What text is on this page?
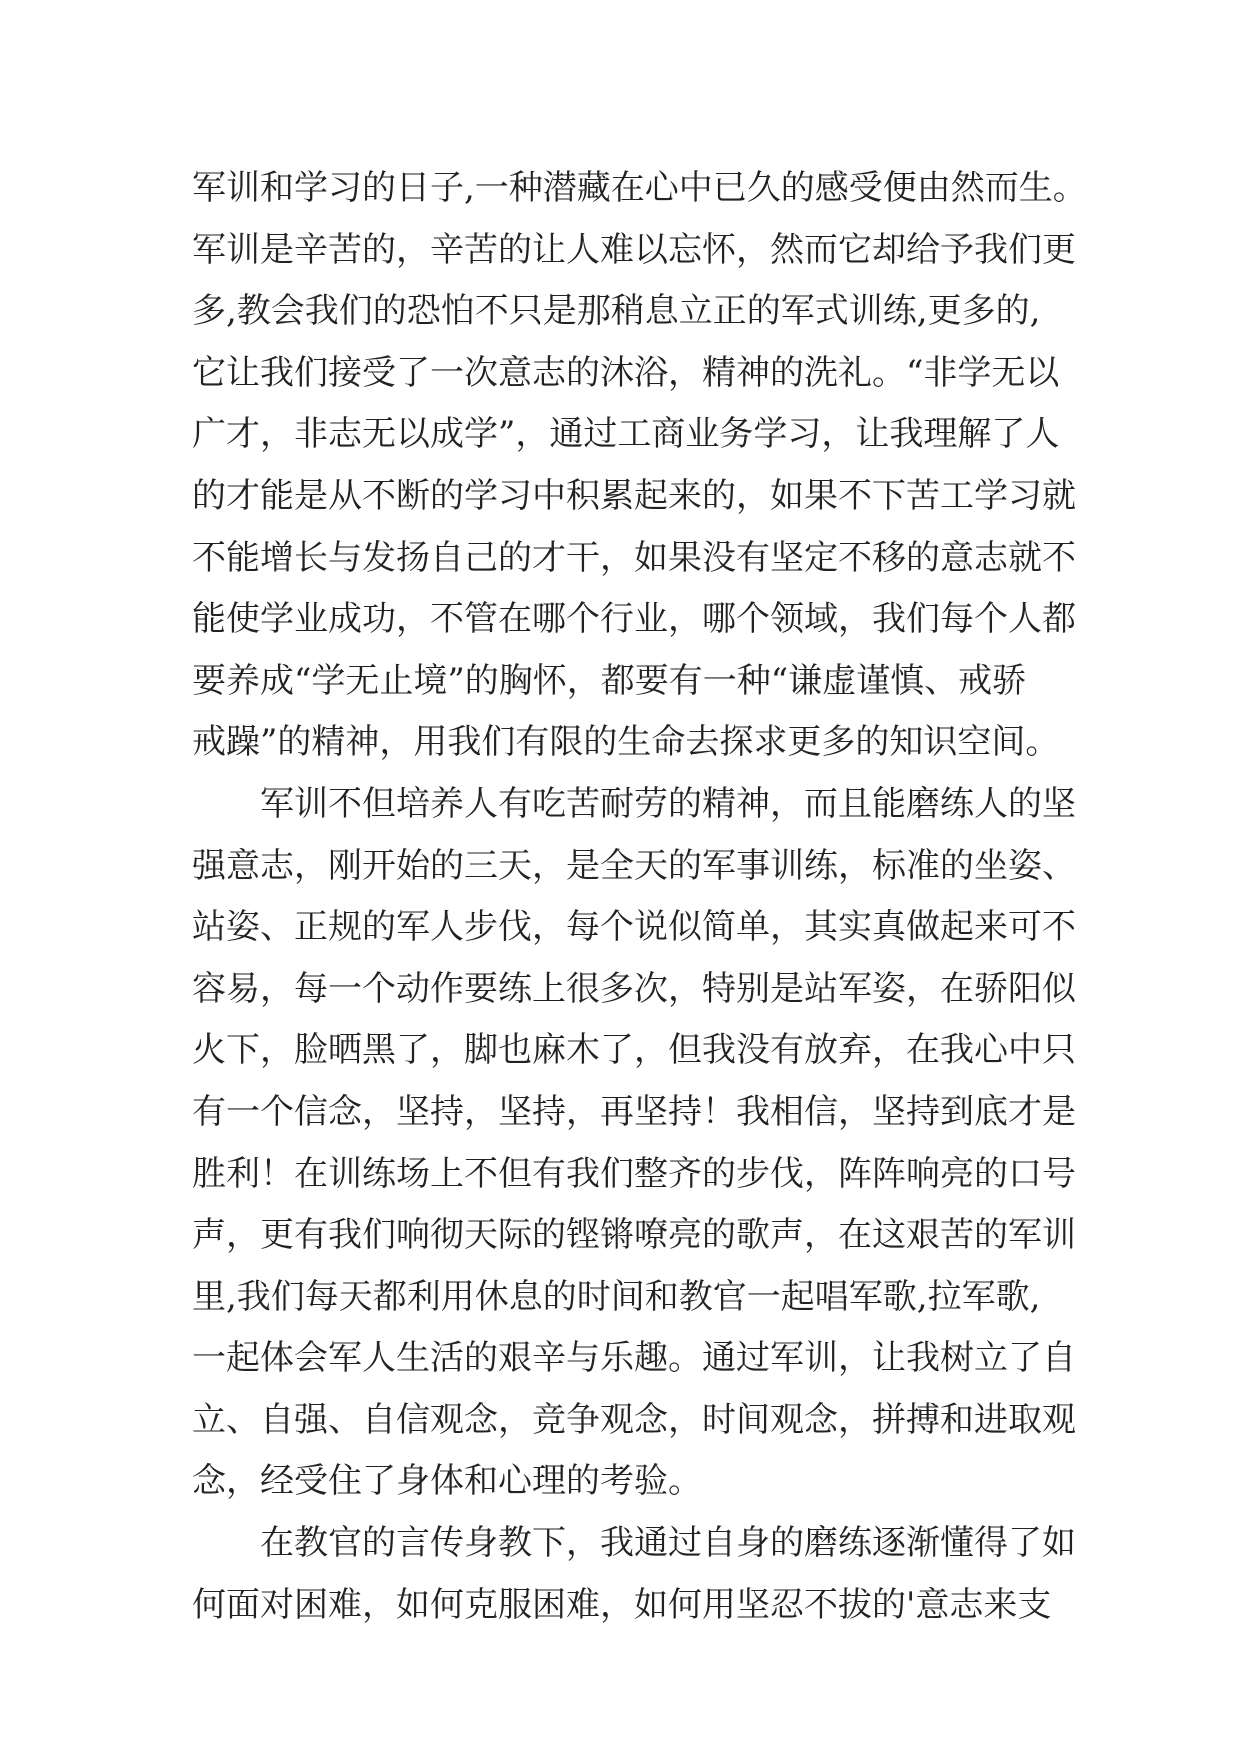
军训和学习的日子,一种潜藏在心中已久的感受便由然而生。
军训是辛苦的，辛苦的让人难以忘怀，然而它却给予我们更
多,教会我们的恐怕不只是那稍息立正的军式训练,更多的,
它让我们接受了一次意志的沐浴，精神的洗礼。“非学无以
广才，非志无以成学”，通过工商业务学习，让我理解了人
的才能是从不断的学习中积累起来的，如果不下苦工学习就
不能增长与发扬自己的才干，如果没有坚定不移的意志就不
能使学业成功，不管在哪个行业，哪个领域，我们每个人都
要养成“学无止境”的胸怀，都要有一种“谦虚谨慎、戒骄
戒躁”的精神，用我们有限的生命去探求更多的知识空间。
　　军训不但培养人有吃苦耐劳的精神，而且能磨练人的坚
强意志，刚开始的三天，是全天的军事训练，标准的坐姿、
站姿、正规的军人步伐，每个说似简单，其实真做起来可不
容易，每一个动作要练上很多次，特别是站军姿，在骄阳似
火下，脸晒黑了，脚也麻木了，但我没有放弃，在我心中只
有一个信念，坚持，坚持，再坚持！我相信，坚持到底才是
胜利！在训练场上不但有我们整齐的步伐，阵阵响亮的口号
声，更有我们响彻天际的铿锵嘹亮的歌声，在这艰苦的军训
里,我们每天都利用休息的时间和教官一起唱军歌,拉军歌,
一起体会军人生活的艰辛与乐趣。通过军训，让我树立了自
立、自强、自信观念，竞争观念，时间观念，拼搏和进取观
念，经受住了身体和心理的考验。
　　在教官的言传身教下，我通过自身的磨练逐渐懂得了如
何面对困难，如何克服困难，如何用坚忍不拔的'意志来支
